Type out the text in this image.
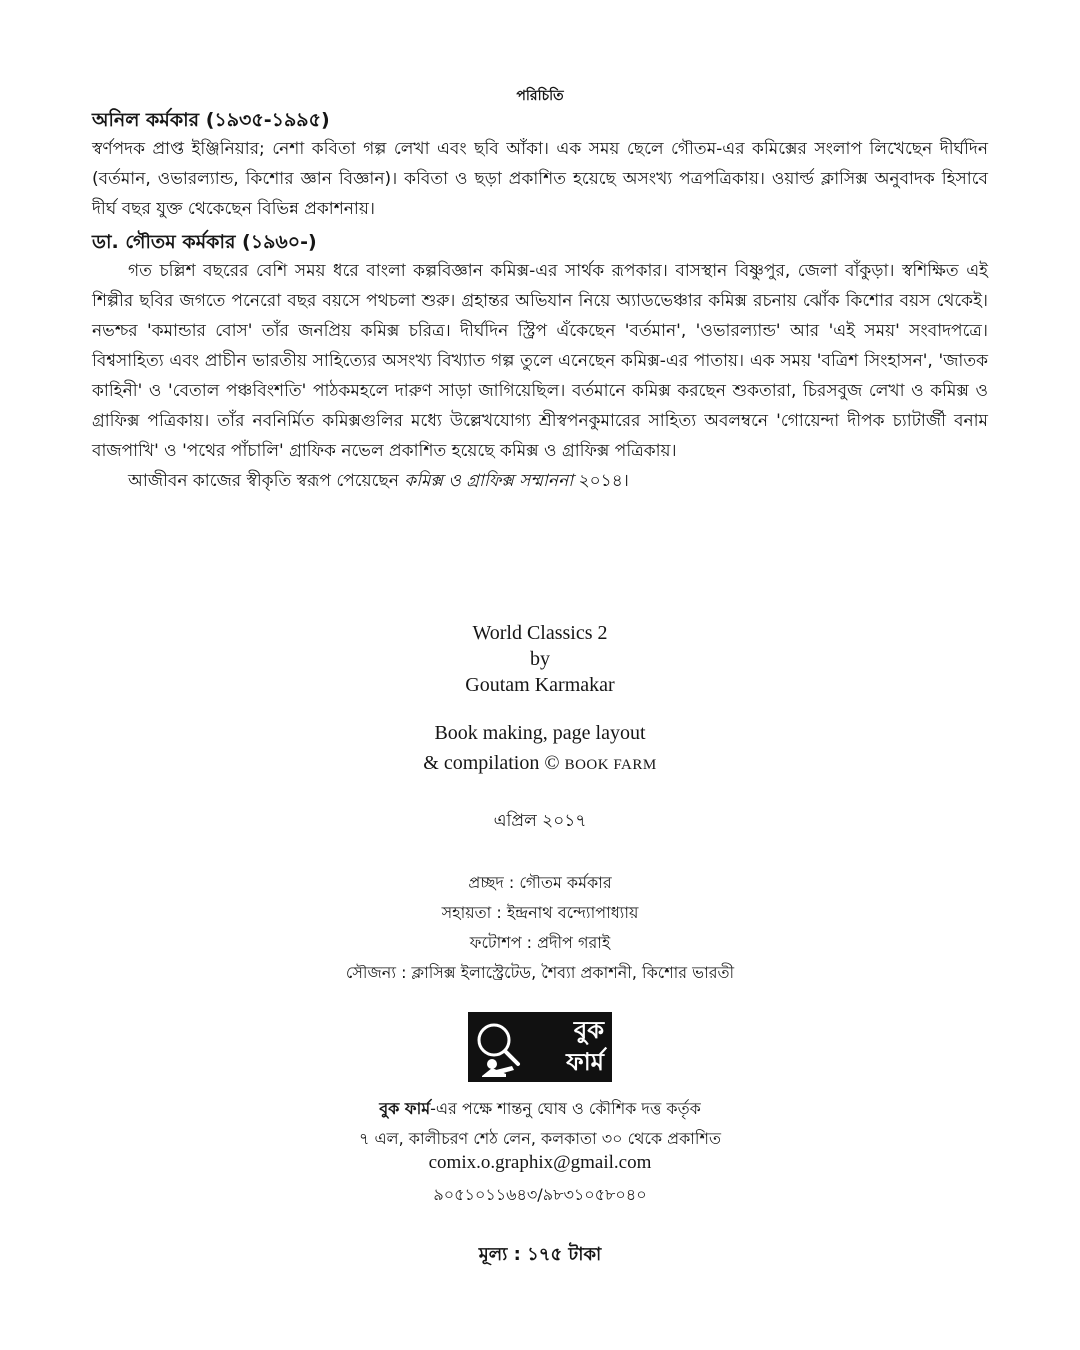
পরিচিতি

অনিল কর্মকার (১৯৩৫-১৯৯৫)

স্বর্ণপদক প্রাপ্ত ইঞ্জিনিয়ার; নেশা কবিতা গল্প লেখা এবং ছবি আঁকা। এক সময় ছেলে গৌতম-এর কমিক্সের সংলাপ লিখেছেন দীর্ঘদিন (বর্তমান, ওভারল্যান্ড, কিশোর জ্ঞান বিজ্ঞান)। কবিতা ও ছড়া প্রকাশিত হয়েছে অসংখ্য পত্রপত্রিকায়। ওয়ার্ল্ড ক্লাসিক্স অনুবাদক হিসাবে দীর্ঘ বছর যুক্ত থেকেছেন বিভিন্ন প্রকাশনায়।

ডা. গৌতম কর্মকার (১৯৬০-)

গত চল্লিশ বছরের বেশি সময় ধরে বাংলা কল্পবিজ্ঞান কমিক্স-এর সার্থক রূপকার। বাসস্থান বিষ্ণুপুর, জেলা বাঁকুড়া। স্বশিক্ষিত এই শিল্পীর ছবির জগতে পনেরো বছর বয়সে পথচলা শুরু। গ্রহান্তর অভিযান নিয়ে অ্যাডভেঞ্চার কমিক্স রচনায় ঝোঁক কিশোর বয়স থেকেই। নভশ্চর 'কমান্ডার বোস' তাঁর জনপ্রিয় কমিক্স চরিত্র। দীর্ঘদিন স্ট্রিপ এঁকেছেন 'বর্তমান', 'ওভারল্যান্ড' আর 'এই সময়' সংবাদপত্রে। বিশ্বসাহিত্য এবং প্রাচীন ভারতীয় সাহিত্যের অসংখ্য বিখ্যাত গল্প তুলে এনেছেন কমিক্স-এর পাতায়। এক সময় 'বত্রিশ সিংহাসন', 'জাতক কাহিনী' ও 'বেতাল পঞ্চবিংশতি' পাঠকমহলে দারুণ সাড়া জাগিয়েছিল। বর্তমানে কমিক্স করছেন শুকতারা, চিরসবুজ লেখা ও কমিক্স ও গ্রাফিক্স পত্রিকায়। তাঁর নবনির্মিত কমিক্সগুলির মধ্যে উল্লেখযোগ্য শ্রীস্বপনকুমারের সাহিত্য অবলম্বনে 'গোয়েন্দা দীপক চ্যাটার্জী বনাম বাজপাখি' ও 'পথের পাঁচালি' গ্রাফিক নভেল প্রকাশিত হয়েছে কমিক্স ও গ্রাফিক্স পত্রিকায়।

আজীবন কাজের স্বীকৃতি স্বরূপ পেয়েছেন কমিক্স ও গ্রাফিক্স সম্মাননা ২০১৪।

World Classics 2
by
Goutam Karmakar
Book making, page layout
& compilation © BOOK FARM
এপ্রিল ২০১৭
প্রচ্ছদ : গৌতম কর্মকার
সহায়তা : ইন্দ্রনাথ বন্দ্যোপাধ্যায়
ফটোশপ : প্রদীপ গরাই
সৌজন্য : ক্লাসিক্স ইলাস্ট্রেটেড, শৈব্যা প্রকাশনী, কিশোর ভারতী
বুক
ফার্ম
বুক ফার্ম-এর পক্ষে শান্তনু ঘোষ ও কৌশিক দত্ত কর্তৃক
৭ এল, কালীচরণ শেঠ লেন, কলকাতা ৩০ থেকে প্রকাশিত
comix.o.graphix@gmail.com
৯০৫১০১১৬৪৩/৯৮৩১০৫৮০৪০
মূল্য : ১৭৫ টাকা
